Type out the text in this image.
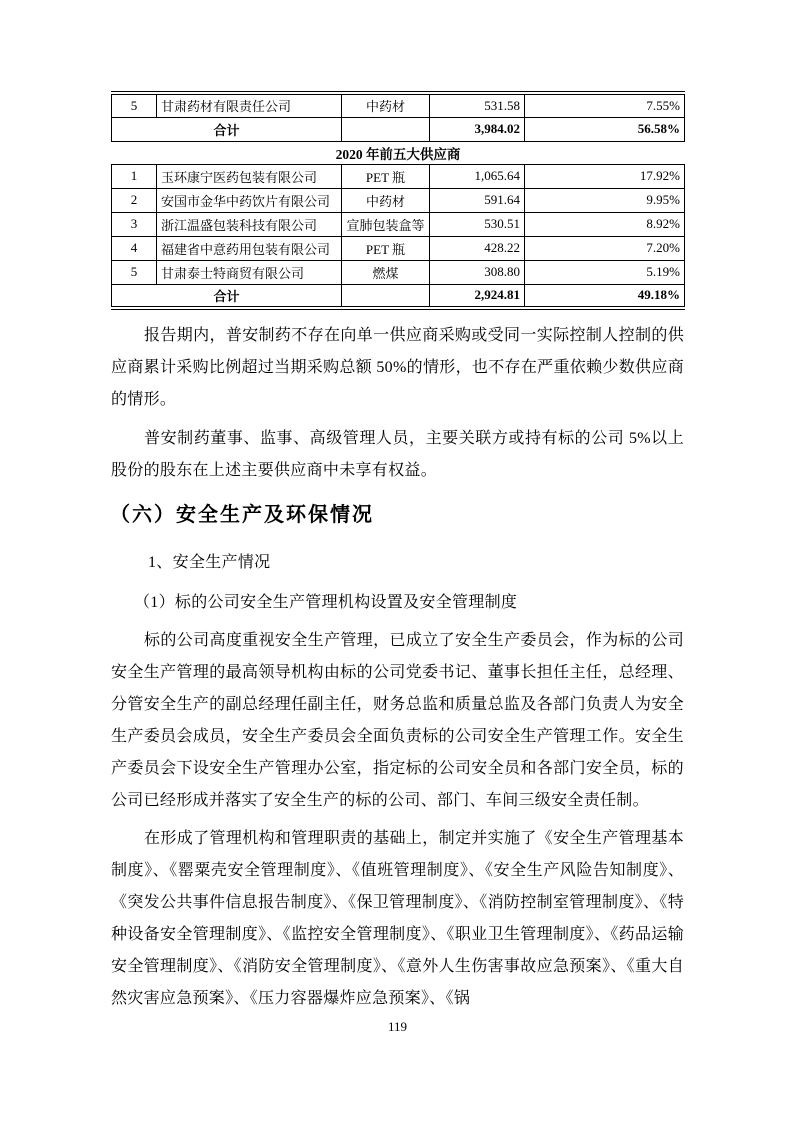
5	甘肃药材有限责任公司	中药材	531.58	7.55%
合计			3,984.02	56.58%
2020 年前五大供应商				
1	玉环康宁医药包装有限公司	PET 瓶	1,065.64	17.92%
2	安国市金华中药饮片有限公司	中药材	591.64	9.95%
3	浙江温盛包装科技有限公司	宣肺包装盒等	530.51	8.92%
4	福建省中意药用包装有限公司	PET 瓶	428.22	7.20%
5	甘肃泰士特商贸有限公司	燃煤	308.80	5.19%
合计			2,924.81	49.18%

报告期内，普安制药不存在向单一供应商采购或受同一实际控制人控制的供应商累计采购比例超过当期采购总额 50%的情形，也不存在严重依赖少数供应商的情形。

普安制药董事、监事、高级管理人员，主要关联方或持有标的公司 5%以上股份的股东在上述主要供应商中未享有权益。

（六）安全生产及环保情况

1、安全生产情况

（1）标的公司安全生产管理机构设置及安全管理制度

标的公司高度重视安全生产管理，已成立了安全生产委员会，作为标的公司安全生产管理的最高领导机构由标的公司党委书记、董事长担任主任，总经理、分管安全生产的副总经理任副主任，财务总监和质量总监及各部门负责人为安全生产委员会成员，安全生产委员会全面负责标的公司安全生产管理工作。安全生产委员会下设安全生产管理办公室，指定标的公司安全员和各部门安全员，标的公司已经形成并落实了安全生产的标的公司、部门、车间三级安全责任制。

在形成了管理机构和管理职责的基础上，制定并实施了《安全生产管理基本制度》、《罂粟壳安全管理制度》、《值班管理制度》、《安全生产风险告知制度》、《突发公共事件信息报告制度》、《保卫管理制度》、《消防控制室管理制度》、《特种设备安全管理制度》、《监控安全管理制度》、《职业卫生管理制度》、《药品运输安全管理制度》、《消防安全管理制度》、《意外人生伤害事故应急预案》、《重大自然灾害应急预案》、《压力容器爆炸应急预案》、《锅

119
